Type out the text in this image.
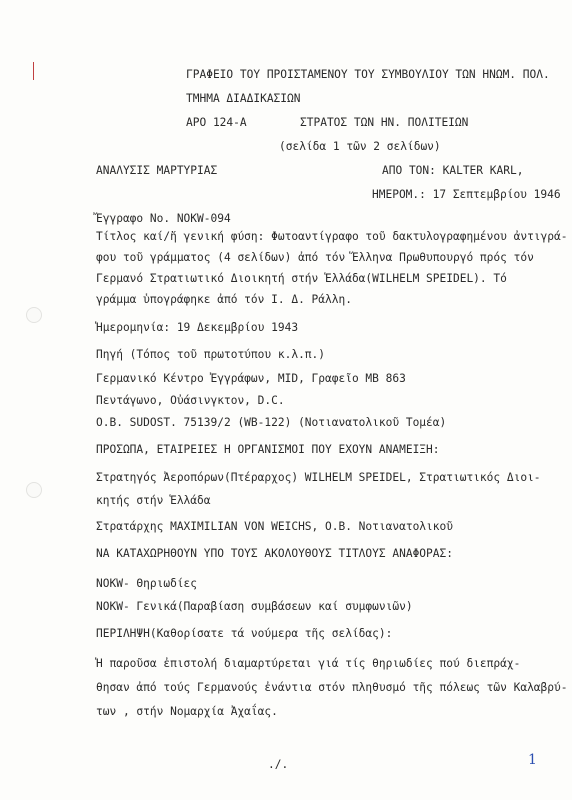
ΓΡΑΦΕΙΟ ΤΟΥ ΠΡΟΙΣΤΑΜΕΝΟΥ ΤΟΥ ΣΥΜΒΟΥΛΙΟΥ ΤΩΝ ΗΝΩΜ. ΠΟΛ.
ΤΜΗΜΑ ΔΙΑΔΙΚΑΣΙΩΝ
ΑΡΟ 124-Α	ΣΤΡΑΤΟΣ ΤΩΝ ΗΝ. ΠΟΛΙΤΕΙΩΝ
(σελίδα 1 τῶν 2 σελίδων)
ΑΝΑΛΥΣΙΣ ΜΑΡΤΥΡΙΑΣ	ΑΠΟ ΤΟΝ: KALTER KARL,
ΗΜΕΡΟΜ.: 17 Σεπτεμβρίου 1946
Ἔγγραφο Νο. NOKW-094
Τίτλος καί/ἤ γενική φύση: Φωτοαντίγραφο τοῦ δακτυλογραφημένου ἀντιγρά-
φου τοῦ γράμματος (4 σελίδων) ἀπό τόν Ἕλληνα Πρωθυπουργό πρός τόν
Γερμανό Στρατιωτικό Διοικητή στήν Ἑλλάδα(WILHELM SPEIDEL). Τό
γράμμα ὑπογράφηκε ἀπό τόν Ι. Δ. Ράλλη.
Ἡμερομηνία: 19 Δεκεμβρίου 1943
Πηγή (Τόπος τοῦ πρωτοτύπου κ.λ.π.)
Γερμανικό Κέντρο Ἐγγράφων, MID, Γραφεῖο ΜΒ 863
Πεντάγωνο, Οὐάσινγκτον, D.C.
O.B. SUDOST. 75139/2 (WB-122) (Νοτιανατολικοῦ Τομέα)
ΠΡΟΣΩΠΑ, ΕΤΑΙΡΕΙΕΣ Η ΟΡΓΑΝΙΣΜΟΙ ΠΟΥ ΕΧΟΥΝ ΑΝΑΜΕΙΞΗ:
Στρατηγός Ἀεροπόρων(Πτέραρχος) WILHELM SPEIDEL, Στρατιωτικός Διοι-
κητής στήν Ἑλλάδα
Στρατάρχης MAXIMILIAN VON WEICHS, O.B. Νοτιανατολικοῦ
ΝΑ ΚΑΤΑΧΩΡΗΘΟΥΝ ΥΠΟ ΤΟΥΣ ΑΚΟΛΟΥΘΟΥΣ ΤΙΤΛΟΥΣ ΑΝΑΦΟΡΑΣ:
NOKW- Θηριωδίες
NOKW- Γενικά(Παραβίαση συμβάσεων καί συμφωνιῶν)
ΠΕΡΙΛΗΨΗ(Καθορίσατε τά νούμερα τῆς σελίδας):
Ἡ παροῦσα ἐπιστολή διαμαρτύρεται γιά τίς θηριωδίες πού διεπράχ-
θησαν ἀπό τούς Γερμανούς ἐνάντια στόν πληθυσμό τῆς πόλεως τῶν Καλαβρύ-
των , στήν Νομαρχία Ἀχαΐας.
./.	1
